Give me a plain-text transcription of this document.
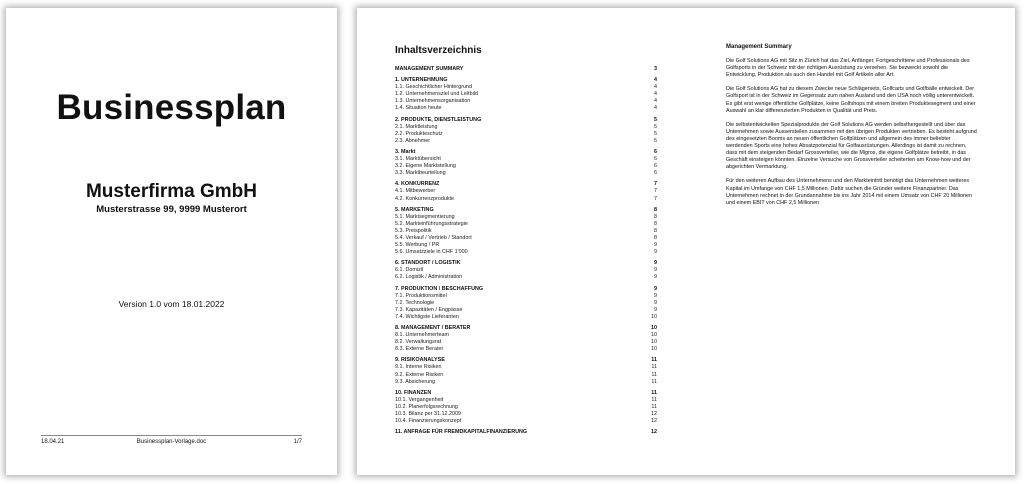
Businessplan
Musterfirma GmbH
Musterstrasse 99, 9999 Musterort
Version 1.0 vom 18.01.2022
18.04.21	Businessplan-Vorlage.doc	1/7
Inhaltsverzeichnis
MANAGEMENT SUMMARY	3
1. UNTERNEHMUNG	4
1.1. Geschichtlicher Hintergrund	4
1.2. Unternehmensziel und Leitbild	4
1.3. Unternehmensorganisation	4
1.4. Situation heute	4
2. PRODUKTE, DIENSTLEISTUNG	5
2.1. Marktleistung	5
2.2. Produkteschutz	5
2.3. Abnehmer	5
3. Markt	6
3.1. Marktübersicht	6
3.2. Eigene Marktstellung	6
3.3. Marktbeurteilung	6
4. KONKURRENZ	7
4.1. Mitbewerber	7
4.2. Konkurrenzprodukte	7
5. MARKETING	8
5.1. Marktsegmentierung	8
5.2. Markteinführungsstrategie	8
5.3. Preispolitik	8
5.4. Verkauf / Vertrieb / Standort	8
5.5. Werbung / PR	9
5.6. Umsatzziele in CHF 1'000	9
6. STANDORT / LOGISTIK	9
6.1. Domizil	9
6.2. Logistik / Administration	9
7. PRODUKTION / BESCHAFFUNG	9
7.1. Produktionsmittel	9
7.2. Technologie	9
7.3. Kapazitäten / Engpässe	9
7.4. Wichtigste Lieferanten	10
8. MANAGEMENT / BERATER	10
8.1. Unternehmerteam	10
8.2. Verwaltungsrat	10
8.3. Externe Berater	10
9. RISIKOANALYSE	11
9.1. Interne Risiken	11
9.2. Externe Risiken	11
9.3. Absicherung	11
10. FINANZEN	11
10.1. Vergangenheit	11
10.2. Planerfolgsrechnung	11
10.3. Bilanz per 31.12.2009	12
10.4. Finanzierungskonzept	12
11. ANFRAGE FÜR FREMDKAPITALFINANZIERUNG	12
Management Summary

Die Golf Solutions AG mit Sitz in Zürich hat das Ziel, Anfänger, Fortgeschrittene und Professionals des Golfsports in der Schweiz mit der richtigen Ausrüstung zu versehen. Sie bezweckt sowohl die Entwicklung, Produktion als auch den Handel mit Golf Artikeln aller Art.

Die Golf Solutions AG hat zu diesem Zwecke neue Schlägersets, Golfcarts und Golfbälle entwickelt. Der Golfsport ist in der Schweiz im Gegensatz zum nahen Ausland und den USA noch völlig unterentwickelt. Es gibt erst wenige öffentliche Golfplätze, keine Golfshops mit einem breiten Produktesegment und einer Auswahl an klar differenzierten Produkten in Qualität und Preis.

Die selbstentwickelten Spezialprodukte der Golf Solutions AG werden selbsthergestellt und über das Unternehmen sowie Aussersteilen zusammen mit den übrigen Produkten vertrieben. Es besteht aufgrund des eingesetzten Booms an neuen öffentlichen Golfplätzen und allgemein des immer beliebter werdenden Sports eine hohes Absatzpotenzial für Golfausrüstungen. Allerdings ist damit zu rechnen, dass mit dem steigenden Bedarf Grossverteiler, wie die Migros, die eigene Golfplätze betreibt, in das Geschäft einsteigen könnten. Einzelne Versuche von Grossverteiler scheiterten am Know-how und der abgerichten Vermarktung.

Für den weiteren Aufbau des Unternehmens und den Markteintritt benötigt das Unternehmen weiteres Kapital im Umfange von CHF 1,5 Millionen. Dafür suchen die Gründer weitere Finanzpartner. Das Unternehmen rechnet in der Grundannahme bis ins Jahr 2014 mit einem Umsatz von CHF 20 Millionen und einem EBIT von CHF 2,5 Millionen
